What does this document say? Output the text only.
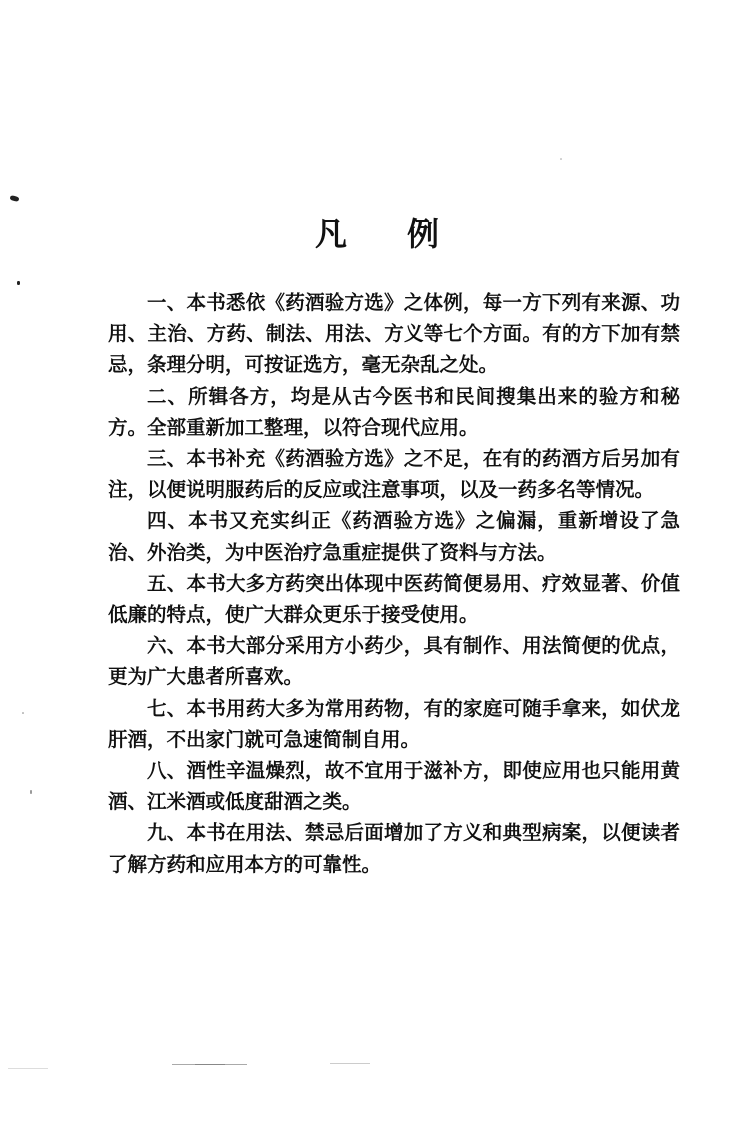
凡 例

一、本书悉依《药酒验方选》之体例，每一方下列有来源、功用、主治、方药、制法、用法、方义等七个方面。有的方下加有禁忌，条理分明，可按证选方，毫无杂乱之处。

二、所辑各方，均是从古今医书和民间搜集出来的验方和秘方。全部重新加工整理，以符合现代应用。

三、本书补充《药酒验方选》之不足，在有的药酒方后另加有注，以便说明服药后的反应或注意事项，以及一药多名等情况。

四、本书又充实纠正《药酒验方选》之偏漏，重新增设了急治、外治类，为中医治疗急重症提供了资料与方法。

五、本书大多方药突出体现中医药简便易用、疗效显著、价值低廉的特点，使广大群众更乐于接受使用。

六、本书大部分采用方小药少，具有制作、用法简便的优点，更为广大患者所喜欢。

七、本书用药大多为常用药物，有的家庭可随手拿来，如伏龙肝酒，不出家门就可急速简制自用。

八、酒性辛温燥烈，故不宜用于滋补方，即使应用也只能用黄酒、江米酒或低度甜酒之类。

九、本书在用法、禁忌后面增加了方义和典型病案，以便读者了解方药和应用本方的可靠性。
